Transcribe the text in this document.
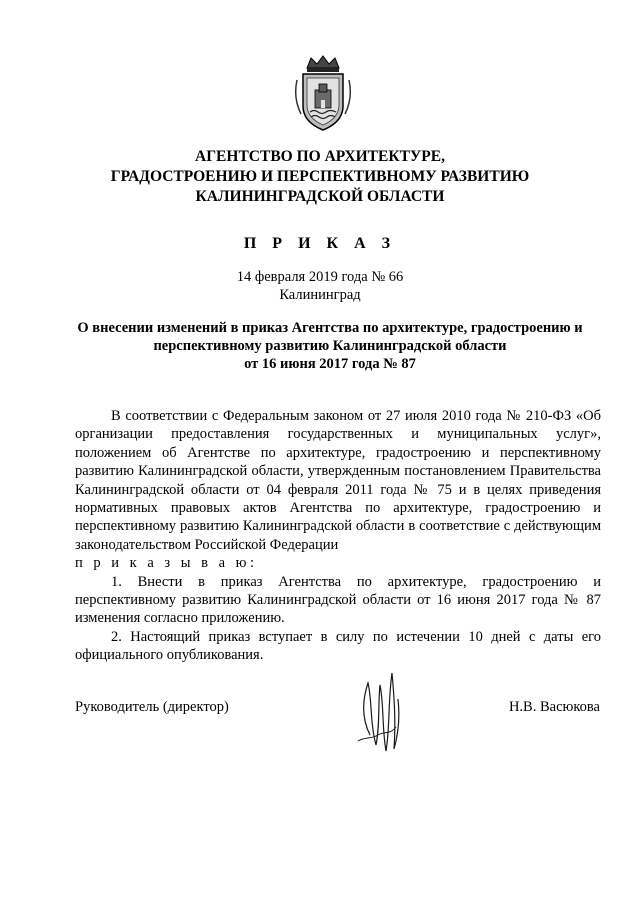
АГЕНТСТВО ПО АРХИТЕКТУРЕ,
ГРАДОСТРОЕНИЮ И ПЕРСПЕКТИВНОМУ РАЗВИТИЮ
КАЛИНИНГРАДСКОЙ ОБЛАСТИ
П Р И К А З
14 февраля 2019 года № 66
Калининград
О внесении изменений в приказ Агентства по архитектуре, градостроению и
перспективному развитию Калининградской области
от 16 июня 2017 года № 87

В соответствии с Федеральным законом от 27 июля 2010 года № 210-ФЗ «Об организации предоставления государственных и муниципальных услуг», положением об Агентстве по архитектуре, градостроению и перспективному развитию Калининградской области, утвержденным постановлением Правительства Калининградской области от 04 февраля 2011 года № 75 и в целях приведения нормативных правовых актов Агентства по архитектуре, градостроению и перспективному развитию Калининградской области в соответствие с действующим законодательством Российской Федерации

п р и к а з ы в а ю:

1. Внести в приказ Агентства по архитектуре, градостроению и перспективному развитию Калининградской области от 16 июня 2017 года № 87 изменения согласно приложению.

2. Настоящий приказ вступает в силу по истечении 10 дней с даты его официального опубликования.

Руководитель (директор)	Н.В. Васюкова
